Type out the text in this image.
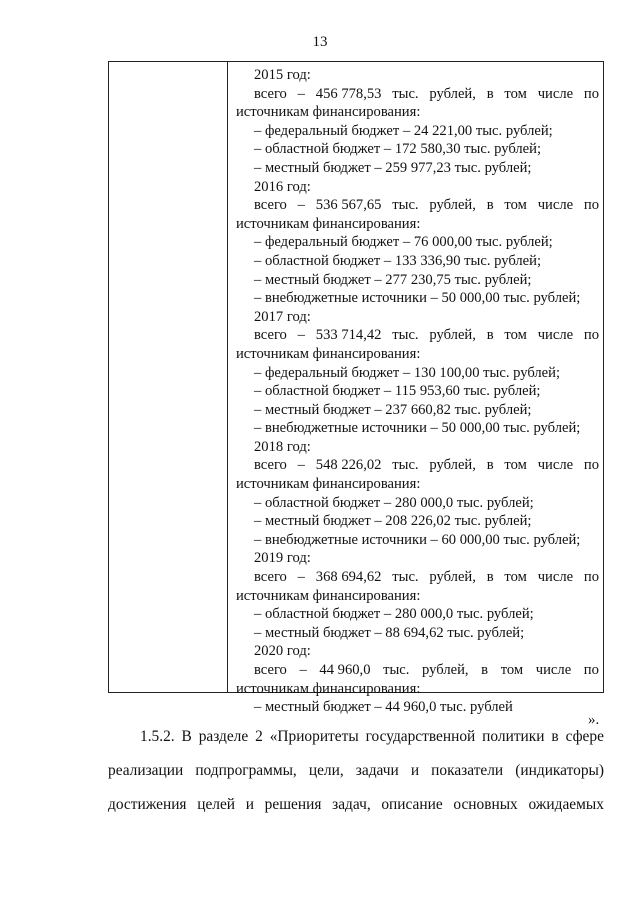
13
2015 год:
всего – 456 778,53 тыс. рублей, в том числе по
источникам финансирования:
– федеральный бюджет – 24 221,00 тыс. рублей;
– областной бюджет – 172 580,30 тыс. рублей;
– местный бюджет – 259 977,23 тыс. рублей;
2016 год:
всего – 536 567,65 тыс. рублей, в том числе по
источникам финансирования:
– федеральный бюджет – 76 000,00 тыс. рублей;
– областной бюджет – 133 336,90 тыс. рублей;
– местный бюджет – 277 230,75 тыс. рублей;
– внебюджетные источники – 50 000,00 тыс. рублей;
2017 год:
всего – 533 714,42 тыс. рублей, в том числе по
источникам финансирования:
– федеральный бюджет – 130 100,00 тыс. рублей;
– областной бюджет – 115 953,60 тыс. рублей;
– местный бюджет – 237 660,82 тыс. рублей;
– внебюджетные источники – 50 000,00 тыс. рублей;
2018 год:
всего – 548 226,02 тыс. рублей, в том числе по
источникам финансирования:
– областной бюджет – 280 000,0 тыс. рублей;
– местный бюджет – 208 226,02 тыс. рублей;
– внебюджетные источники – 60 000,00 тыс. рублей;
2019 год:
всего – 368 694,62 тыс. рублей, в том числе по
источникам финансирования:
– областной бюджет – 280 000,0 тыс. рублей;
– местный бюджет – 88 694,62 тыс. рублей;
2020 год:
всего – 44 960,0 тыс. рублей, в том числе по
источникам финансирования:
– местный бюджет – 44 960,0 тыс. рублей
».
1.5.2. В разделе 2 «Приоритеты государственной политики в сфере
реализации подпрограммы, цели, задачи и показатели (индикаторы)
достижения целей и решения задач, описание основных ожидаемых
